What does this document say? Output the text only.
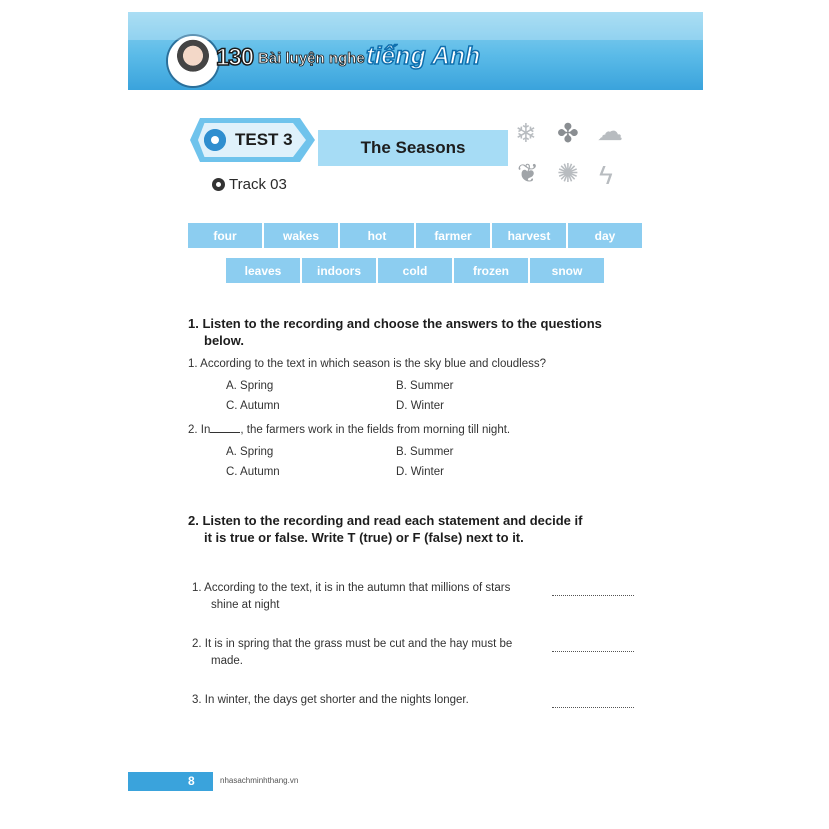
130 Bài luyện nghe tiếng Anh
TEST 3	The Seasons
Track 03
❄ ✤ ☁
❦ ✺ ϟ
four	wakes	hot	farmer	harvest	day
leaves	indoors	cold	frozen	snow
1. Listen to the recording and choose the answers to the questions
below.
1. According to the text in which season is the sky blue and cloudless?
A. Spring	B. Summer
C. Autumn	D. Winter
2. In	, the farmers work in the fields from morning till night.
A. Spring	B. Summer
C. Autumn	D. Winter
2. Listen to the recording and read each statement and decide if
it is true or false. Write T (true) or F (false) next to it.
1. According to the text, it is in the autumn that millions of stars
shine at night
2. It is in spring that the grass must be cut and the hay must be
made.
3. In winter, the days get shorter and the nights longer.
8	nhasachminhthang.vn
